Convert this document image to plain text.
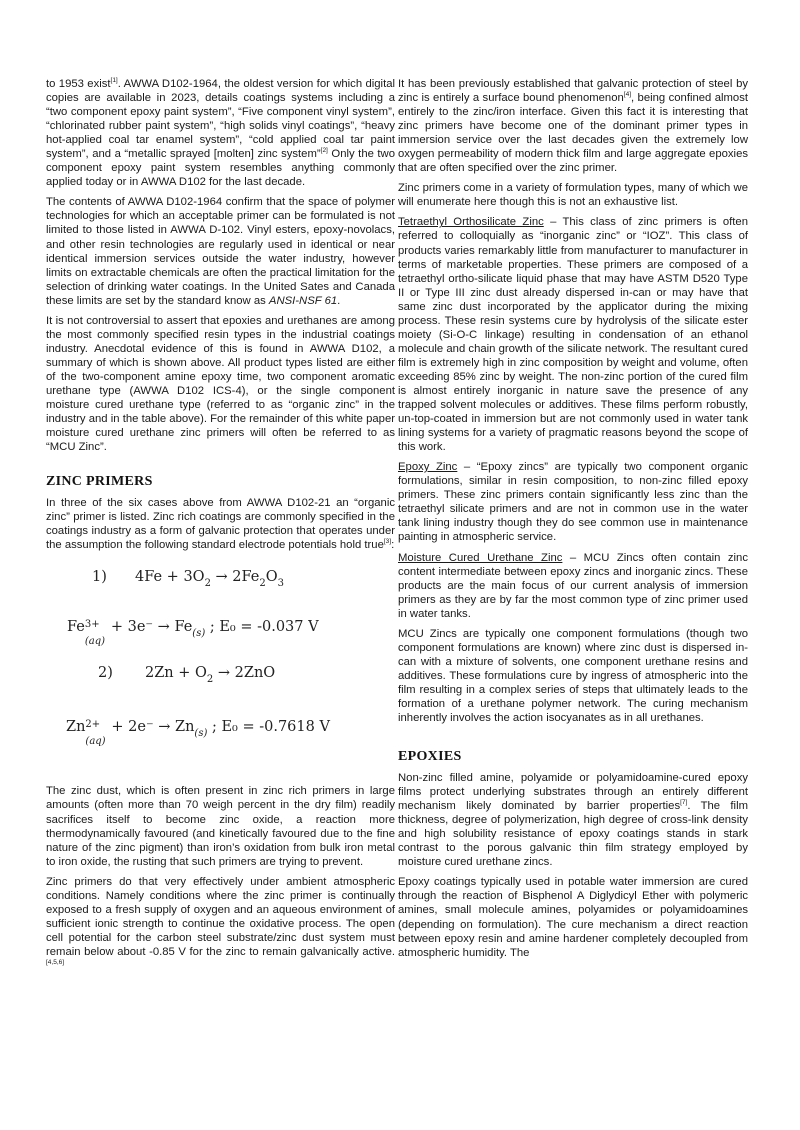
to 1953 exist[1]. AWWA D102-1964, the oldest version for which digital copies are available in 2023, details coatings systems including a “two component epoxy paint system”, “Five component vinyl system”, “chlorinated rubber paint system”, “high solids vinyl coatings”, “heavy hot-applied coal tar enamel system”, “cold applied coal tar paint system”, and a “metallic sprayed [molten] zinc system”[2] Only the two component epoxy paint system resembles anything commonly applied today or in AWWA D102 for the last decade.

The contents of AWWA D102-1964 confirm that the space of polymer technologies for which an acceptable primer can be formulated is not limited to those listed in AWWA D-102. Vinyl esters, epoxy-novolacs, and other resin technologies are regularly used in identical or near identical immersion services outside the water industry, however limits on extractable chemicals are often the practical limitation for the selection of drinking water coatings. In the United Sates and Canada these limits are set by the standard know as ANSI-NSF 61.

It is not controversial to assert that epoxies and urethanes are among the most commonly specified resin types in the industrial coatings industry. Anecdotal evidence of this is found in AWWA D102, a summary of which is shown above. All product types listed are either of the two-component amine epoxy time, two component aromatic urethane type (AWWA D102 ICS-4), or the single component moisture cured urethane type (referred to as “organic zinc” in the industry and in the table above). For the remainder of this white paper moisture cured urethane zinc primers will often be referred to as “MCU Zinc”.

ZINC PRIMERS

In three of the six cases above from AWWA D102-21 an “organic zinc” primer is listed. Zinc rich coatings are commonly specified in the coatings industry as a form of galvanic protection that operates under the assumption the following standard electrode potentials hold true[3]:

1) $4Fe + 3O_2 \to 2Fe_2O_3$
Fe 3+
(aq)
+ $3e^- \to Fe_{(s)}$ ; E₀ = -0.037 V
2) $2Zn + O_2 \to 2ZnO$
Zn 2+
(aq)
+ $2e^- \to Zn_{(s)}$ ; E₀ = -0.7618 V

The zinc dust, which is often present in zinc rich primers in large amounts (often more than 70 weigh percent in the dry film) readily sacrifices itself to become zinc oxide, a reaction more thermodynamically favoured (and kinetically favoured due to the fine nature of the zinc pigment) than iron’s oxidation from bulk iron metal to iron oxide, the rusting that such primers are trying to prevent.

Zinc primers do that very effectively under ambient atmospheric conditions. Namely conditions where the zinc primer is continually exposed to a fresh supply of oxygen and an aqueous environment of sufficient ionic strength to continue the oxidative process. The open cell potential for the carbon steel substrate/zinc dust system must remain below about -0.85 V for the zinc to remain galvanically active.[4,5,6]

It has been previously established that galvanic protection of steel by zinc is entirely a surface bound phenomenon[4], being confined almost entirely to the zinc/iron interface. Given this fact it is interesting that zinc primers have become one of the dominant primer types in immersion service over the last decades given the extremely low oxygen permeability of modern thick film and large aggregate epoxies that are often specified over the zinc primer.

Zinc primers come in a variety of formulation types, many of which we will enumerate here though this is not an exhaustive list.

Tetraethyl Orthosilicate Zinc – This class of zinc primers is often referred to colloquially as “inorganic zinc” or “IOZ”. This class of products varies remarkably little from manufacturer to manufacturer in terms of marketable properties. These primers are composed of a tetraethyl ortho-silicate liquid phase that may have ASTM D520 Type II or Type III zinc dust already dispersed in-can or may have that same zinc dust incorporated by the applicator during the mixing process. These resin systems cure by hydrolysis of the silicate ester moiety (Si-O-C linkage) resulting in condensation of an ethanol molecule and chain growth of the silicate network. The resultant cured film is extremely high in zinc composition by weight and volume, often exceeding 85% zinc by weight. The non-zinc portion of the cured film is almost entirely inorganic in nature save the presence of any trapped solvent molecules or additives. These films perform robustly, un-top-coated in immersion but are not commonly used in water tank lining systems for a variety of pragmatic reasons beyond the scope of this work.

Epoxy Zinc – “Epoxy zincs” are typically two component organic formulations, similar in resin composition, to non-zinc filled epoxy primers. These zinc primers contain significantly less zinc than the tetraethyl silicate primers and are not in common use in the water tank lining industry though they do see common use in maintenance painting in atmospheric service.

Moisture Cured Urethane Zinc – MCU Zincs often contain zinc content intermediate between epoxy zincs and inorganic zincs. These products are the main focus of our current analysis of immersion primers as they are by far the most common type of zinc primer used in water tanks.

MCU Zincs are typically one component formulations (though two component formulations are known) where zinc dust is dispersed in-can with a mixture of solvents, one component urethane resins and additives. These formulations cure by ingress of atmospheric into the film resulting in a complex series of steps that ultimately leads to the formation of a urethane polymer network. The curing mechanism inherently involves the action isocyanates as in all urethanes.

EPOXIES

Non-zinc filled amine, polyamide or polyamidoamine-cured epoxy films protect underlying substrates through an entirely different mechanism likely dominated by barrier properties[7]. The film thickness, degree of polymerization, high degree of cross-link density and high solubility resistance of epoxy coatings stands in stark contrast to the porous galvanic thin film strategy employed by moisture cured urethane zincs.

Epoxy coatings typically used in potable water immersion are cured through the reaction of Bisphenol A Diglydicyl Ether with polymeric amines, small molecule amines, polyamides or polyamidoamines (depending on formulation). The cure mechanism a direct reaction between epoxy resin and amine hardener completely decoupled from atmospheric humidity. The
